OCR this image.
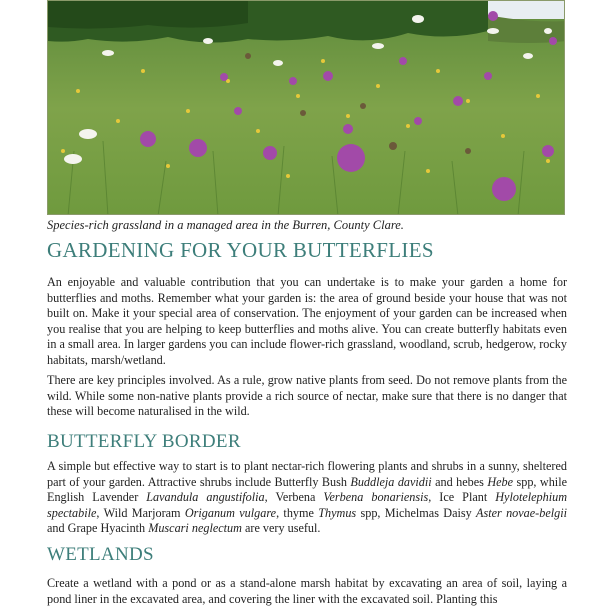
Species-rich grassland in a managed area in the Burren, County Clare.
GARDENING FOR YOUR BUTTERFLIES

An enjoyable and valuable contribution that you can undertake is to make your garden a home for butterflies and moths. Remember what your garden is: the area of ground beside your house that was not built on. Make it your special area of conservation. The enjoyment of your garden can be increased when you realise that you are helping to keep butterflies and moths alive. You can create butterfly habitats even in a small area. In larger gardens you can include flower-rich grassland, woodland, scrub, hedgerow, rocky habitats, marsh/wetland.

There are key principles involved. As a rule, grow native plants from seed. Do not remove plants from the wild. While some non-native plants provide a rich source of nectar, make sure that there is no danger that these will become naturalised in the wild.

BUTTERFLY BORDER

A simple but effective way to start is to plant nectar-rich flowering plants and shrubs in a sunny, sheltered part of your garden. Attractive shrubs include Butterfly Bush Buddleja davidii and hebes Hebe spp, while English Lavender Lavandula angustifolia, Verbena Verbena bonariensis, Ice Plant Hylotelephium spectabile, Wild Marjoram Origanum vulgare, thyme Thymus spp, Michelmas Daisy Aster novae-belgii and Grape Hyacinth Muscari neglectum are very useful.

WETLANDS

Create a wetland with a pond or as a stand-alone marsh habitat by excavating an area of soil, laying a pond liner in the excavated area, and covering the liner with the excavated soil. Planting this
